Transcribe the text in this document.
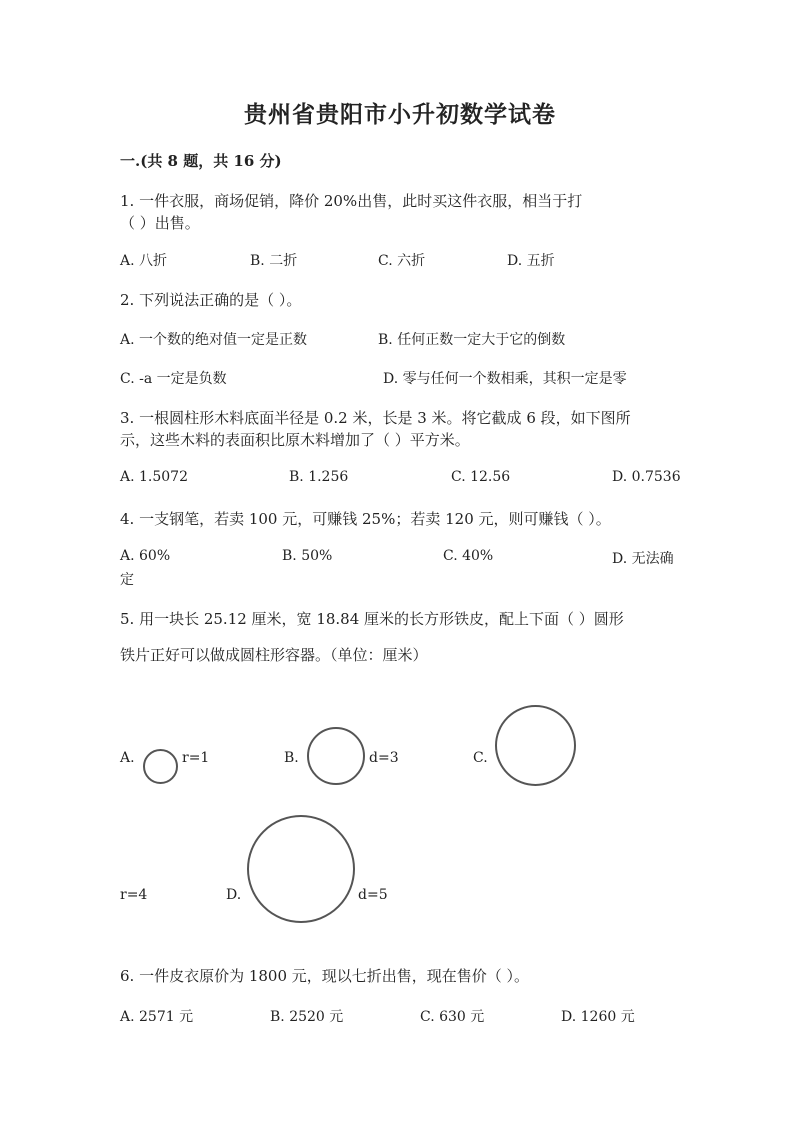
贵州省贵阳市小升初数学试卷
一.(共 8 题，共 16 分)
1. 一件衣服，商场促销，降价 20%出售，此时买这件衣服，相当于打
（ ）出售。
A. 八折	B. 二折	C. 六折	D. 五折
2. 下列说法正确的是（ ）。
A. 一个数的绝对值一定是正数	B. 任何正数一定大于它的倒数
C. -a 一定是负数	D. 零与任何一个数相乘，其积一定是零
3. 一根圆柱形木料底面半径是 0.2 米，长是 3 米。将它截成 6 段，如下图所
示，这些木料的表面积比原木料增加了（ ）平方米。
A. 1.5072	B. 1.256	C. 12.56	D. 0.7536
4. 一支钢笔，若卖 100 元，可赚钱 25%；若卖 120 元，则可赚钱（ ）。
A. 60%	B. 50%	C. 40%	D. 无法确
定
5. 用一块长 25.12 厘米，宽 18.84 厘米的长方形铁皮，配上下面（ ）圆形
铁片正好可以做成圆柱形容器。（单位：厘米）
A.	r=1	B.	d=3	C.
r=4	D.	d=5
6. 一件皮衣原价为 1800 元，现以七折出售，现在售价（ ）。
A. 2571 元	B. 2520 元	C. 630 元	D. 1260 元
